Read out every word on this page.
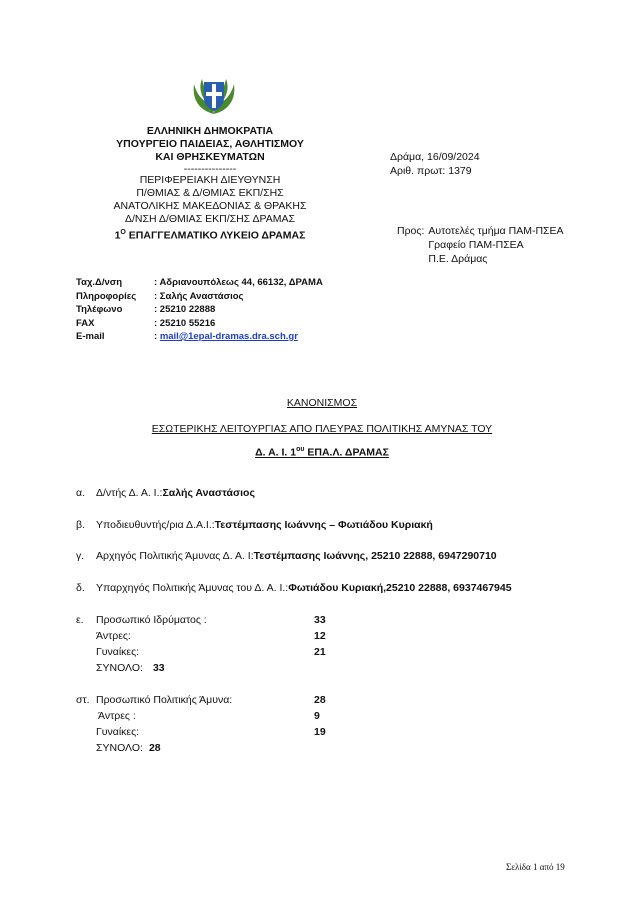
ΕΛΛΗΝΙΚΗ ΔΗΜΟΚΡΑΤΙΑ
ΥΠΟΥΡΓΕΙΟ ΠΑΙΔΕΙΑΣ, ΑΘΛΗΤΙΣΜΟΥ
ΚΑΙ ΘΡΗΣΚΕΥΜΑΤΩΝ
---------------
ΠΕΡΙΦΕΡΕΙΑΚΗ ΔΙΕΥΘΥΝΣΗ
Π/ΘΜΙΑΣ & Δ/ΘΜΙΑΣ ΕΚΠ/ΣΗΣ
ΑΝΑΤΟΛΙΚΗΣ ΜΑΚΕΔΟΝΙΑΣ & ΘΡΑΚΗΣ
Δ/ΝΣΗ Δ/ΘΜΙΑΣ ΕΚΠ/ΣΗΣ ΔΡΑΜΑΣ
$1^O$ ΕΠΑΓΓΕΛΜΑΤΙΚΟ ΛΥΚΕΙΟ ΔΡΑΜΑΣ
Δράμα, 16/09/2024
Αριθ. πρωτ: 1379
Προς: Αυτοτελές τμήμα ΠΑΜ-ΠΣΕΑ
Γραφείο ΠΑΜ-ΠΣΕΑ
Π.Ε. Δράμας
Ταχ.Δ/νση	: Αδριανουπόλεως 44, 66132, ΔΡΑΜΑ
Πληροφορίες	: Σαλής Αναστάσιος
Τηλέφωνο	: 25210 22888
FAX	: 25210 55216
E-mail	: mail@1epal-dramas.dra.sch.gr
ΚΑΝΟΝΙΣΜΟΣ
ΕΣΩΤΕΡΙΚΗΣ ΛΕΙΤΟΥΡΓΙΑΣ ΑΠΟ ΠΛΕΥΡΑΣ ΠΟΛΙΤΙΚΗΣ ΑΜΥΝΑΣ ΤΟΥ
Δ. Α. Ι. $1^{o\upsilon}$ ΕΠΑ.Λ. ΔΡΑΜΑΣ
α.	Δ/ντής Δ. Α. Ι.: Σαλής Αναστάσιος
β.	Υποδιευθυντής/ρια Δ.Α.Ι.: Τεστέμπασης Ιωάννης – Φωτιάδου Κυριακή
γ.	Αρχηγός Πολιτικής Άμυνας Δ. Α. Ι: Τεστέμπασης Ιωάννης, 25210 22888, 6947290710
δ.	Υπαρχηγός Πολιτικής Άμυνας του Δ. Α. Ι.: Φωτιάδου Κυριακή,25210 22888, 6937467945
ε.	Προσωπικό Ιδρύματος :	33
Άντρες:	12
Γυναίκες:	21
ΣΥΝΟΛΟ: 33
στ. Προσωπικό Πολιτικής Άμυνα:	28
Άντρες :	9
Γυναίκες:	19
ΣΥΝΟΛΟ: 28
Σελίδα 1 από 19
